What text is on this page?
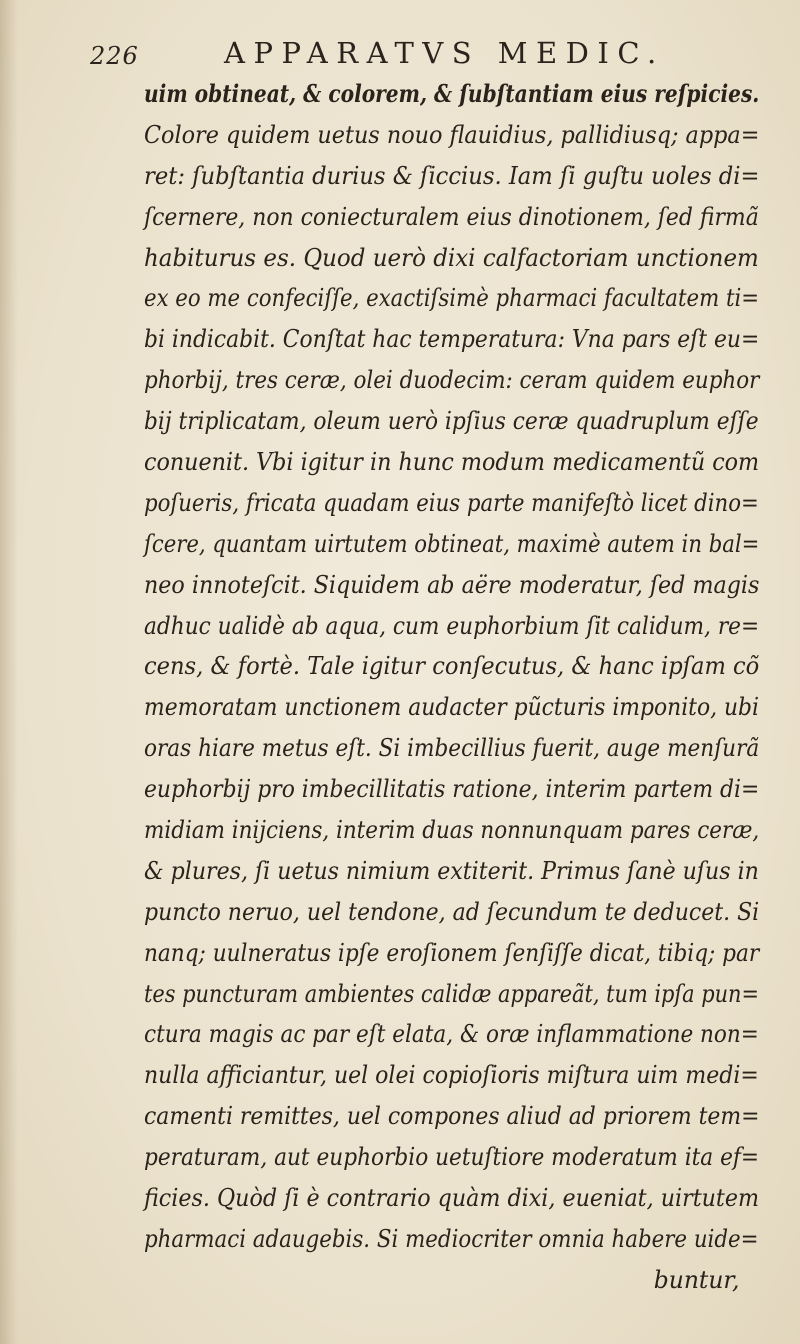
226	APPARATVS MEDIC.
uim obtineat, & colorem, & ſubſtantiam eius reſpicies.
Colore quidem uetus nouo flauidius, pallidiusq; appa=
ret: ſubſtantia durius & ſiccius. Iam ſi guſtu uoles di=
ſcernere, non coniecturalem eius dinotionem, ſed firmã
habiturus es. Quod uerò dixi calfactoriam unctionem
ex eo me confeciſſe, exactiſsimè pharmaci facultatem ti=
bi indicabit. Conſtat hac temperatura: Vna pars eſt eu=
phorbij, tres ceræ, olei duodecim: ceram quidem euphor
bij triplicatam, oleum uerò ipſius ceræ quadruplum eſſe
conuenit. Vbi igitur in hunc modum medicamentũ com
poſueris, fricata quadam eius parte manifeſtò licet dino=
ſcere, quantam uirtutem obtineat, maximè autem in bal=
neo innoteſcit. Siquidem ab aëre moderatur, ſed magis
adhuc ualidè ab aqua, cum euphorbium ſit calidum, re=
cens, & fortè. Tale igitur conſecutus, & hanc ipſam cõ
memoratam unctionem audacter pũcturis imponito, ubi
oras hiare metus eſt. Si imbecillius fuerit, auge menſurã
euphorbij pro imbecillitatis ratione, interim partem di=
midiam inijciens, interim duas nonnunquam pares ceræ,
& plures, ſi uetus nimium extiterit. Primus ſanè uſus in
puncto neruo, uel tendone, ad ſecundum te deducet. Si
nanq; uulneratus ipſe eroſionem ſenſiſſe dicat, tibiq; par
tes puncturam ambientes calidæ appareãt, tum ipſa pun=
ctura magis ac par eſt elata, & oræ inflammatione non=
nulla afficiantur, uel olei copioſioris miſtura uim medi=
camenti remittes, uel compones aliud ad priorem tem=
peraturam, aut euphorbio uetuſtiore moderatum ita ef=
ficies. Quòd ſi è contrario quàm dixi, eueniat, uirtutem
pharmaci adaugebis. Si mediocriter omnia habere uide=
buntur,
